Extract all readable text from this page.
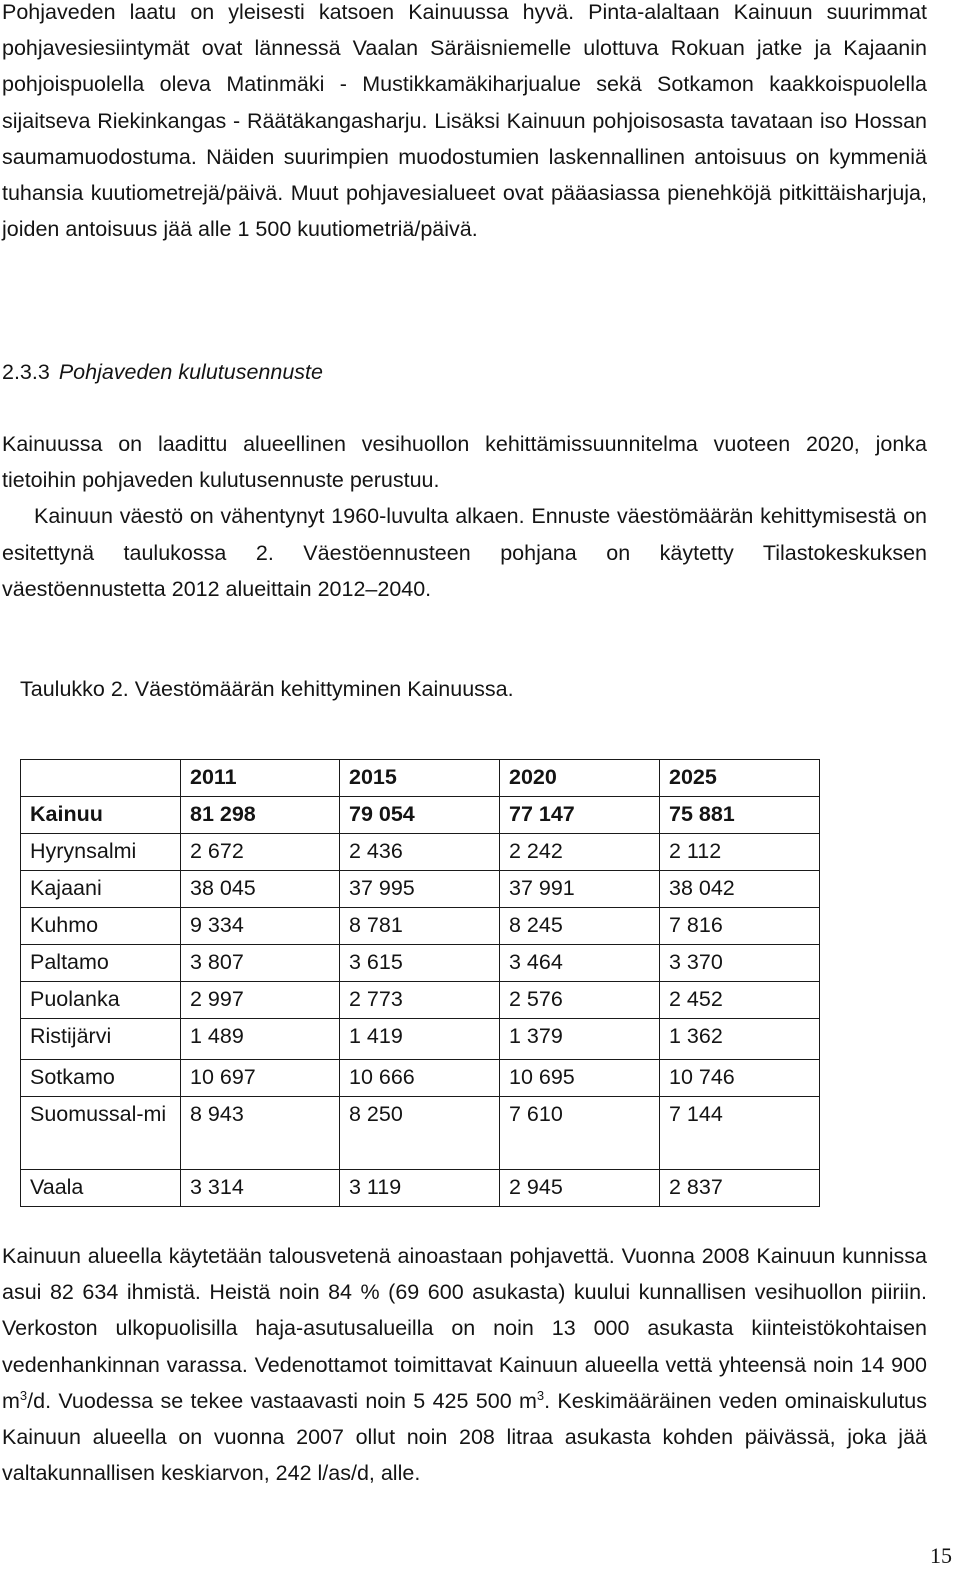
Pohjaveden laatu on yleisesti katsoen Kainuussa hyvä. Pinta-alaltaan Kainuun suurimmat pohjavesiesiintymät ovat lännessä Vaalan Säräisniemelle ulottuva Rokuan jatke ja Kajaanin pohjoispuolella oleva Matinmäki - Mustikkamäkiharjualue sekä Sotkamon kaakkoispuolella sijaitseva Riekinkangas - Räätäkangasharju. Lisäksi Kainuun pohjoisosasta tavataan iso Hossan saumamuodostuma. Näiden suurimpien muodostumien laskennallinen antoisuus on kymmeniä tuhansia kuutiometrejä/päivä. Muut pohjavesialueet ovat pääasiassa pienehköjä pitkittäisharjuja, joiden antoisuus jää alle 1 500 kuutiometriä/päivä.

2.3.3 Pohjaveden kulutusennuste

Kainuussa on laadittu alueellinen vesihuollon kehittämissuunnitelma vuoteen 2020, jonka tietoihin pohjaveden kulutusennuste perustuu.
Kainuun väestö on vähentynyt 1960-luvulta alkaen. Ennuste väestömäärän kehittymisestä on esitettynä taulukossa 2. Väestöennusteen pohjana on käytetty Tilastokeskuksen väestöennustetta 2012 alueittain 2012–2040.

Taulukko 2. Väestömäärän kehittyminen Kainuussa.

	2011	2015	2020	2025
Kainuu	81 298	79 054	77 147	75 881
Hyrynsalmi	2 672	2 436	2 242	2 112
Kajaani	38 045	37 995	37 991	38 042
Kuhmo	9 334	8 781	8 245	7 816
Paltamo	3 807	3 615	3 464	3 370
Puolanka	2 997	2 773	2 576	2 452
Ristijärvi	1 489	1 419	1 379	1 362
Sotkamo	10 697	10 666	10 695	10 746
Suomussal-mi	8 943	8 250	7 610	7 144
Vaala	3 314	3 119	2 945	2 837

Kainuun alueella käytetään talousvetenä ainoastaan pohjavettä. Vuonna 2008 Kainuun kunnissa asui 82 634 ihmistä. Heistä noin 84 % (69 600 asukasta) kuului kunnallisen vesihuollon piiriin. Verkoston ulkopuolisilla haja-asutusalueilla on noin 13 000 asukasta kiinteistökohtaisen vedenhankinnan varassa. Vedenottamot toimittavat Kainuun alueella vettä yhteensä noin 14 900 $m^3/d$. Vuodessa se tekee vastaavasti noin 5 425 500 $m^3$. Keskimääräinen veden ominaiskulutus Kainuun alueella on vuonna 2007 ollut noin 208 litraa asukasta kohden päivässä, joka jää valtakunnallisen keskiarvon, 242 l/as/d, alle.

15
